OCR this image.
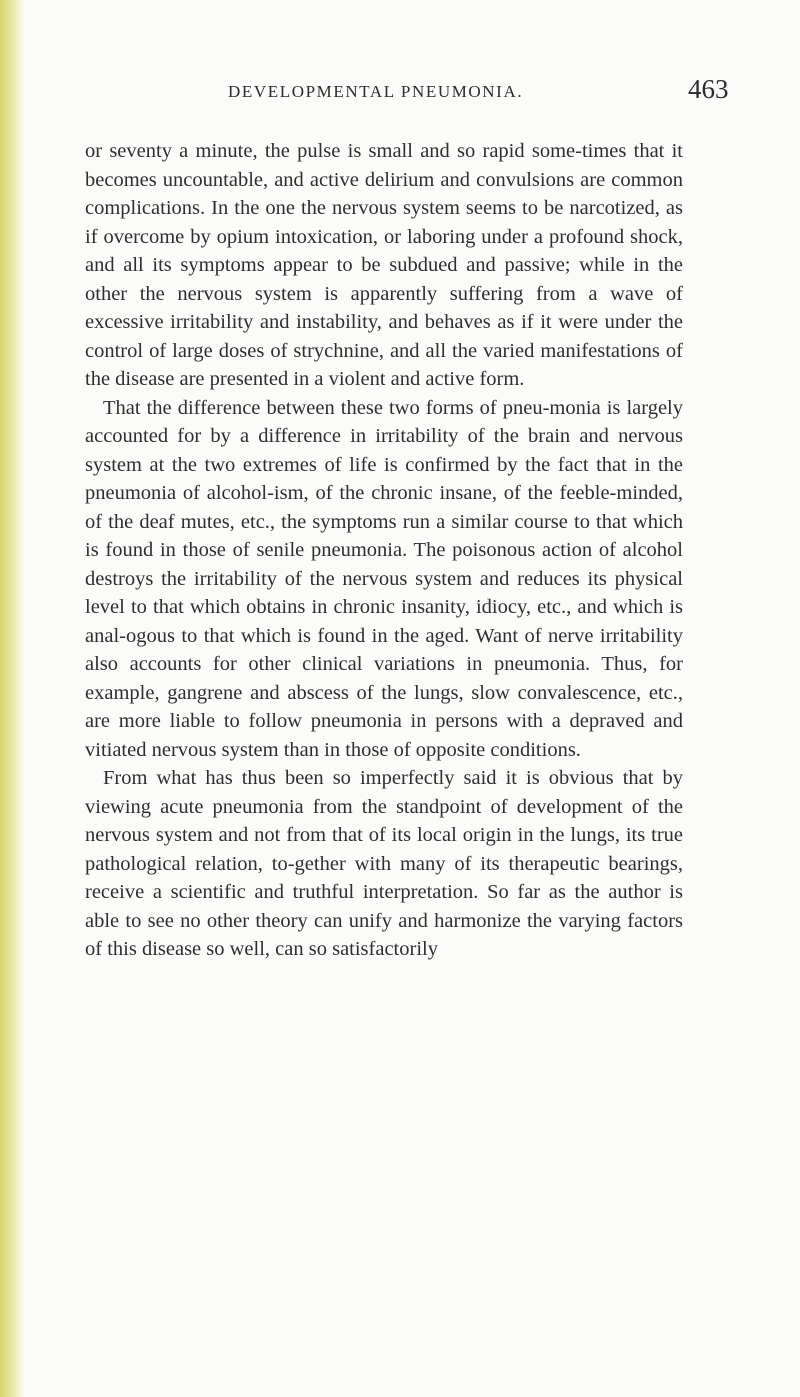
DEVELOPMENTAL PNEUMONIA.	463

or seventy a minute, the pulse is small and so rapid some-times that it becomes uncountable, and active delirium and convulsions are common complications. In the one the nervous system seems to be narcotized, as if overcome by opium intoxication, or laboring under a profound shock, and all its symptoms appear to be subdued and passive; while in the other the nervous system is apparently suffering from a wave of excessive irritability and instability, and behaves as if it were under the control of large doses of strychnine, and all the varied manifestations of the disease are presented in a violent and active form.

That the difference between these two forms of pneu-monia is largely accounted for by a difference in irritability of the brain and nervous system at the two extremes of life is confirmed by the fact that in the pneumonia of alcohol-ism, of the chronic insane, of the feeble-minded, of the deaf mutes, etc., the symptoms run a similar course to that which is found in those of senile pneumonia. The poisonous action of alcohol destroys the irritability of the nervous system and reduces its physical level to that which obtains in chronic insanity, idiocy, etc., and which is anal-ogous to that which is found in the aged. Want of nerve irritability also accounts for other clinical variations in pneumonia. Thus, for example, gangrene and abscess of the lungs, slow convalescence, etc., are more liable to follow pneumonia in persons with a depraved and vitiated nervous system than in those of opposite conditions.

From what has thus been so imperfectly said it is obvious that by viewing acute pneumonia from the standpoint of development of the nervous system and not from that of its local origin in the lungs, its true pathological relation, to-gether with many of its therapeutic bearings, receive a scientific and truthful interpretation. So far as the author is able to see no other theory can unify and harmonize the varying factors of this disease so well, can so satisfactorily
